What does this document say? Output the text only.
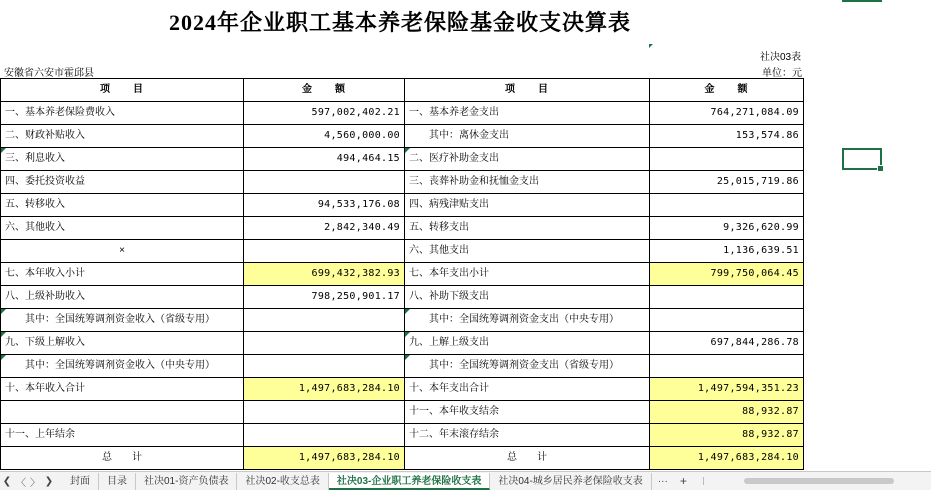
2024年企业职工基本养老保险基金收支决算表
社决03表
安徽省六安市霍邱县	单位：元
项　　目	金　　额	项　　目	金　　额
一、基本养老保险费收入	597,002,402.21	一、基本养老金支出	764,271,084.09
二、财政补贴收入	4,560,000.00	其中：离休金支出	153,574.86
三、利息收入	494,464.15	二、医疗补助金支出

四、委托投资收益		三、丧葬补助金和抚恤金支出	25,015,719.86
五、转移收入	94,533,176.08	四、病残津贴支出	
六、其他收入	2,842,340.49	五、转移支出	9,326,620.99
×		六、其他支出	1,136,639.51
七、本年收入小计	699,432,382.93	七、本年支出小计	799,750,064.45
八、上级补助收入	798,250,901.17	八、补助下级支出	
其中：全国统筹调剂资金收入（省级专用）		其中：全国统筹调剂资金支出（中央专用）

九、下级上解收入		九、上解上级支出	697,844,286.78
其中：全国统筹调剂资金收入（中央专用）		其中：全国统筹调剂资金支出（省级专用）

十、本年收入合计	1,497,683,284.10	十、本年支出合计	1,497,594,351.23
		十一、本年收支结余	88,932.87
十一、上年结余		十二、年末滚存结余	88,932.87
总　　计	1,497,683,284.10	总　　计	1,497,683,284.10
❮ 〈 〉 ❯	封面	目录	社决01-资产负债表	社决02-收支总表	社决03-企业职工养老保险收支表	社决04-城乡居民养老保险收支表	···	+
